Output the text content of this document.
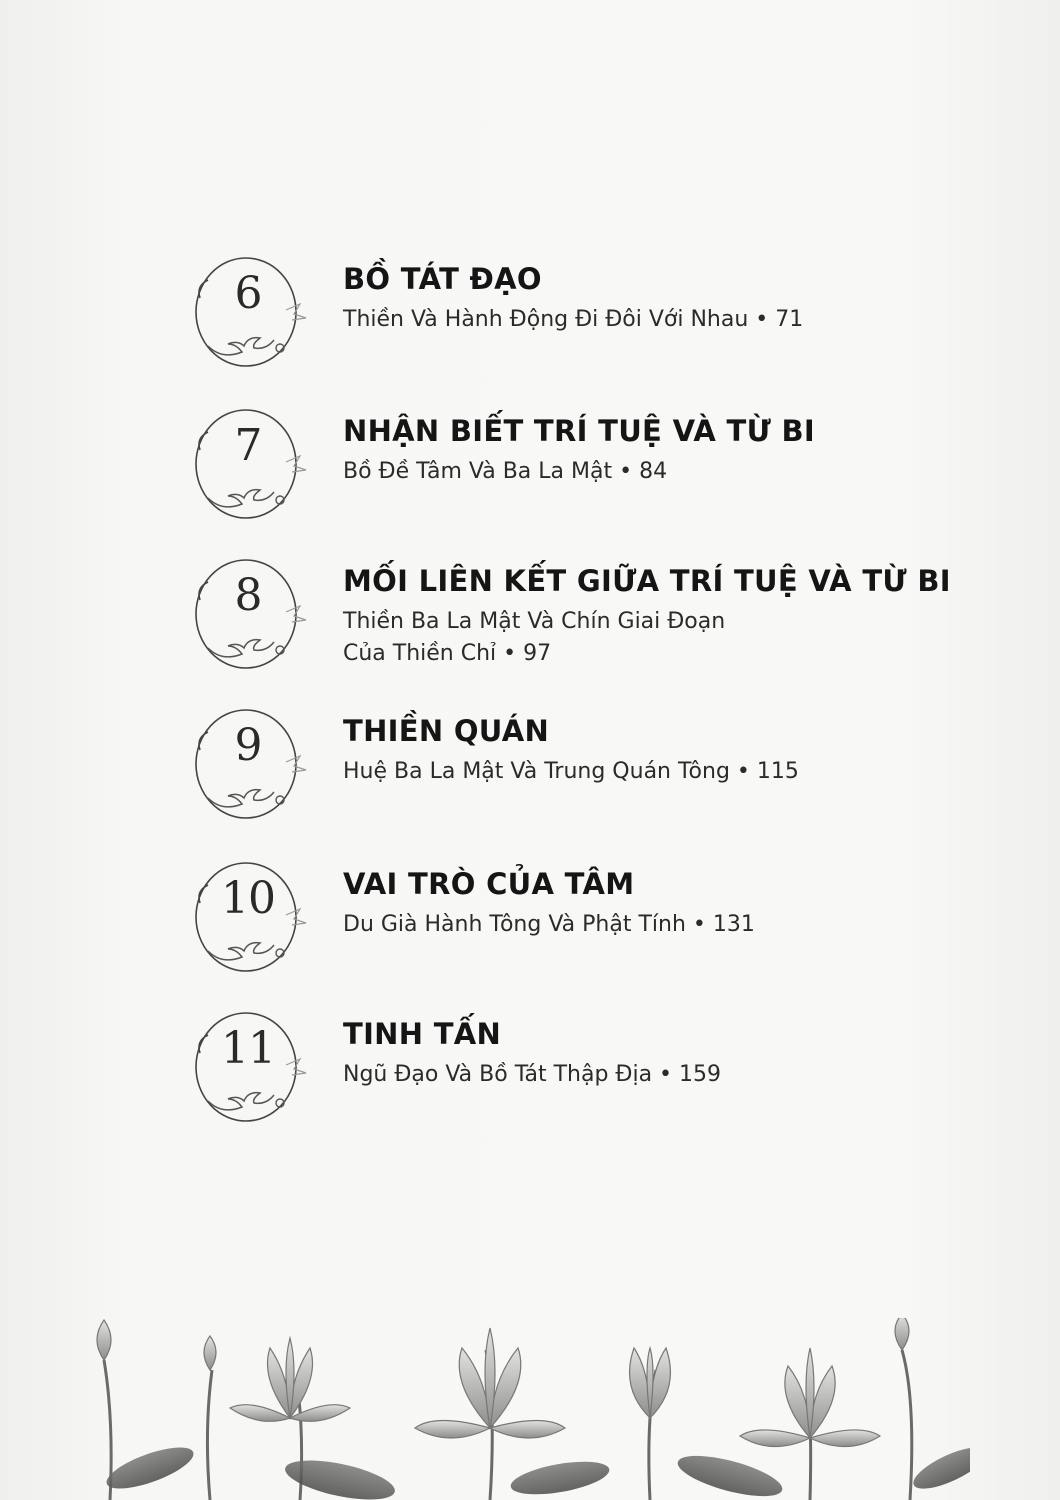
6	BỒ TÁT ĐẠO
Thiền Và Hành Động Đi Đôi Với Nhau • 71
7	NHẬN BIẾT TRÍ TUỆ VÀ TỪ BI
Bồ Đề Tâm Và Ba La Mật • 84
8	MỐI LIÊN KẾT GIỮA TRÍ TUỆ VÀ TỪ BI
Thiền Ba La Mật Và Chín Giai Đoạn
Của Thiền Chỉ • 97
9	THIỀN QUÁN
Huệ Ba La Mật Và Trung Quán Tông • 115
10	VAI TRÒ CỦA TÂM
Du Già Hành Tông Và Phật Tính • 131
11	TINH TẤN
Ngũ Đạo Và Bồ Tát Thập Địa • 159
